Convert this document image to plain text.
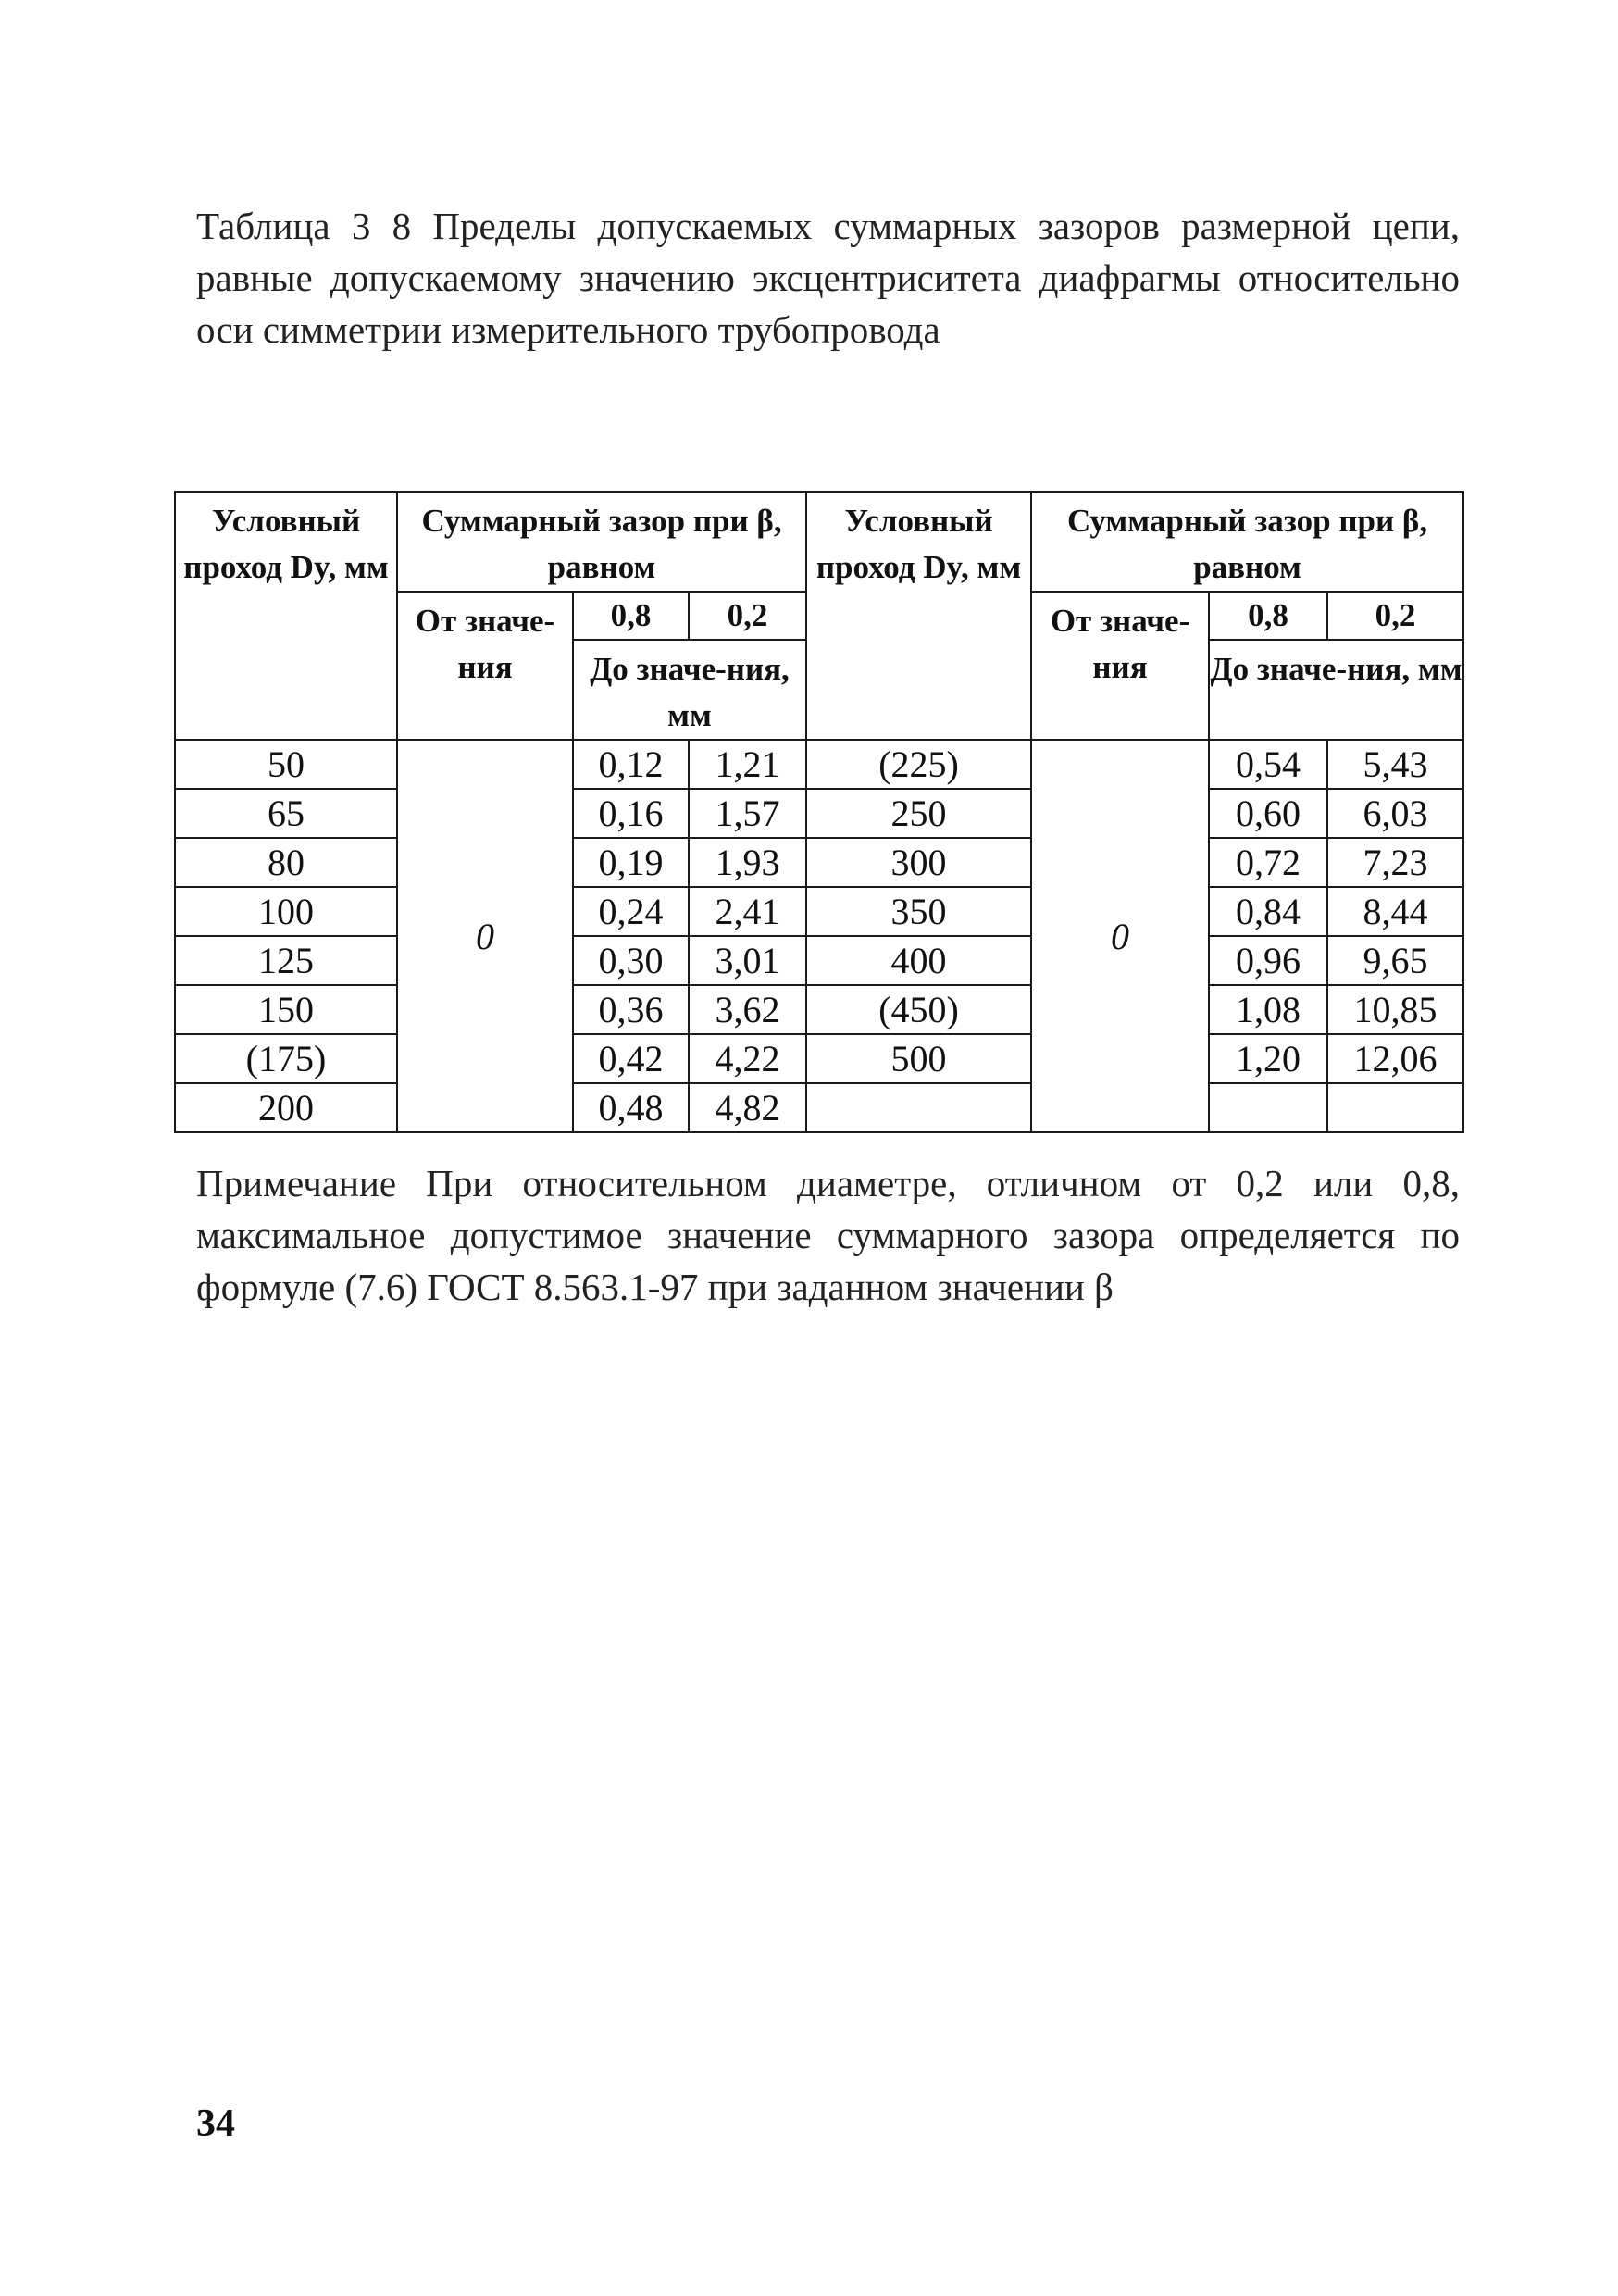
Таблица 3 8 Пределы допускаемых суммарных зазоров размерной цепи, равные допускаемому значению эксцентриситета диафрагмы относительно оси симметрии измерительного трубопровода
Условный проход Dy, мм	Суммарный зазор при β, равном			Условный проход Dy, мм	Суммарный зазор при β, равном		
	От значе-ния	0,8	0,2		От значе-ния	0,8	0,2
		До значе-ния, мм				До значе-ния, мм	
50	0	0,12	1,21	(225)	0	0,54	5,43
65		0,16	1,57	250		0,60	6,03
80		0,19	1,93	300		0,72	7,23
100		0,24	2,41	350		0,84	8,44
125		0,30	3,01	400		0,96	9,65
150		0,36	3,62	(450)		1,08	10,85
(175)		0,42	4,22	500		1,20	12,06
200		0,48	4,82				
Примечание При относительном диаметре, отличном от 0,2 или 0,8, максимальное допустимое значение суммарного зазора определяется по формуле (7.6) ГОСТ 8.563.1-97 при заданном значении β
34
